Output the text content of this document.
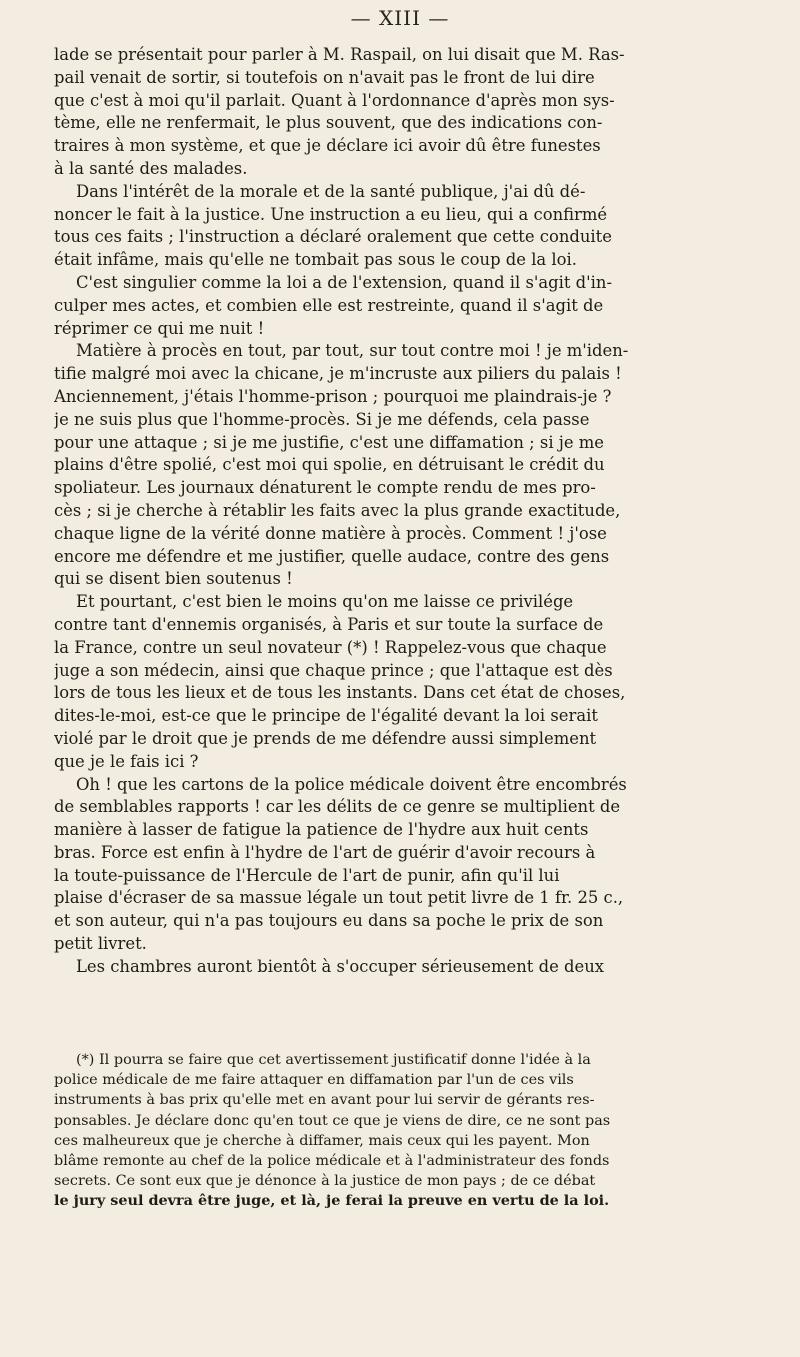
— XIII —
lade se présentait pour parler à M. Raspail, on lui disait que M. Ras-
pail venait de sortir, si toutefois on n'avait pas le front de lui dire
que c'est à moi qu'il parlait. Quant à l'ordonnance d'après mon sys-
tème, elle ne renfermait, le plus souvent, que des indications con-
traires à mon système, et que je déclare ici avoir dû être funestes
à la santé des malades.
Dans l'intérêt de la morale et de la santé publique, j'ai dû dé-
noncer le fait à la justice. Une instruction a eu lieu, qui a confirmé
tous ces faits ; l'instruction a déclaré oralement que cette conduite
était infâme, mais qu'elle ne tombait pas sous le coup de la loi.
C'est singulier comme la loi a de l'extension, quand il s'agit d'in-
culper mes actes, et combien elle est restreinte, quand il s'agit de
réprimer ce qui me nuit !
Matière à procès en tout, par tout, sur tout contre moi ! je m'iden-
tifie malgré moi avec la chicane, je m'incruste aux piliers du palais !
Anciennement, j'étais l'homme-prison ; pourquoi me plaindrais-je ?
je ne suis plus que l'homme-procès. Si je me défends, cela passe
pour une attaque ; si je me justifie, c'est une diffamation ; si je me
plains d'être spolié, c'est moi qui spolie, en détruisant le crédit du
spoliateur. Les journaux dénaturent le compte rendu de mes pro-
cès ; si je cherche à rétablir les faits avec la plus grande exactitude,
chaque ligne de la vérité donne matière à procès. Comment ! j'ose
encore me défendre et me justifier, quelle audace, contre des gens
qui se disent bien soutenus !
Et pourtant, c'est bien le moins qu'on me laisse ce privilége
contre tant d'ennemis organisés, à Paris et sur toute la surface de
la France, contre un seul novateur (*) ! Rappelez-vous que chaque
juge a son médecin, ainsi que chaque prince ; que l'attaque est dès
lors de tous les lieux et de tous les instants. Dans cet état de choses,
dites-le-moi, est-ce que le principe de l'égalité devant la loi serait
violé par le droit que je prends de me défendre aussi simplement
que je le fais ici ?
Oh ! que les cartons de la police médicale doivent être encombrés
de semblables rapports ! car les délits de ce genre se multiplient de
manière à lasser de fatigue la patience de l'hydre aux huit cents
bras. Force est enfin à l'hydre de l'art de guérir d'avoir recours à
la toute-puissance de l'Hercule de l'art de punir, afin qu'il lui
plaise d'écraser de sa massue légale un tout petit livre de 1 fr. 25 c.,
et son auteur, qui n'a pas toujours eu dans sa poche le prix de son
petit livret.
Les chambres auront bientôt à s'occuper sérieusement de deux
(*) Il pourra se faire que cet avertissement justificatif donne l'idée à la
police médicale de me faire attaquer en diffamation par l'un de ces vils
instruments à bas prix qu'elle met en avant pour lui servir de gérants res-
ponsables. Je déclare donc qu'en tout ce que je viens de dire, ce ne sont pas
ces malheureux que je cherche à diffamer, mais ceux qui les payent. Mon
blâme remonte au chef de la police médicale et à l'administrateur des fonds
secrets. Ce sont eux que je dénonce à la justice de mon pays ; de ce débat
le jury seul devra être juge, et là, je ferai la preuve en vertu de la loi.
